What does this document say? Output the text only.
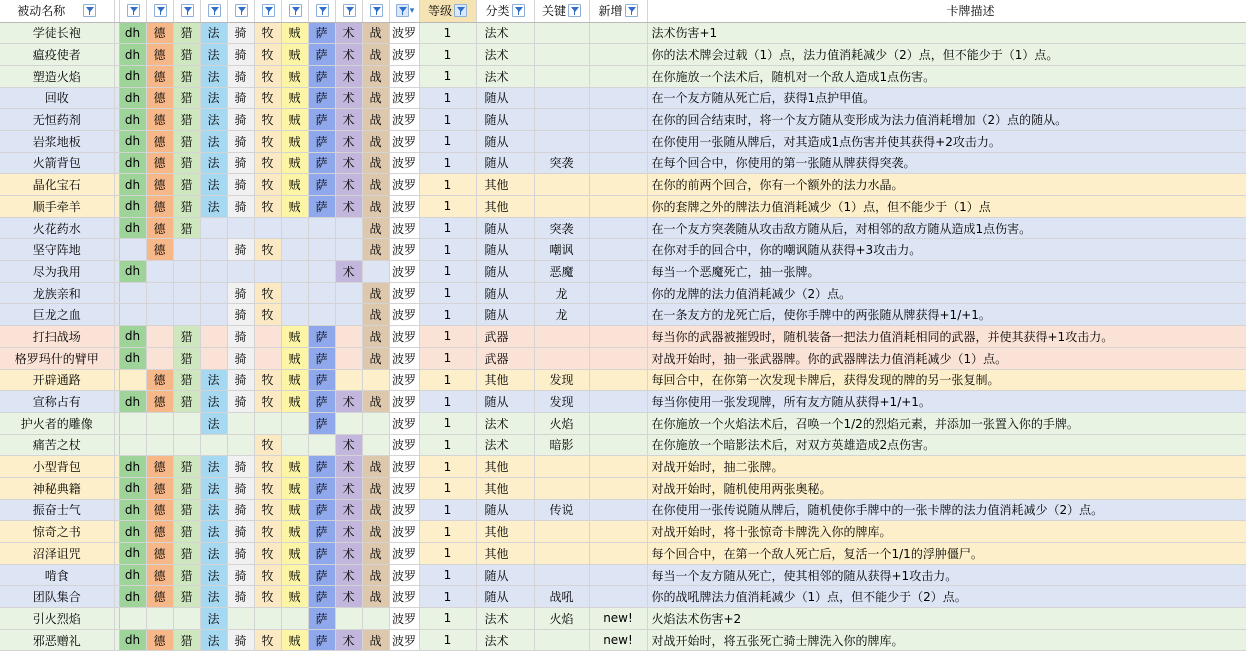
被动名称												▾	等级	分类	关键	新增	卡牌描述

学徒长袍		dh	德	猎	法	骑	牧	贼	萨	术	战	波罗	1	法术			法术伤害+1
瘟疫使者		dh	德	猎	法	骑	牧	贼	萨	术	战	波罗	1	法术			你的法术牌会过载（1）点，法力值消耗减少（2）点，但不能少于（1）点。
塑造火焰		dh	德	猎	法	骑	牧	贼	萨	术	战	波罗	1	法术			在你施放一个法术后，随机对一个敌人造成1点伤害。
回收		dh	德	猎	法	骑	牧	贼	萨	术	战	波罗	1	随从			在一个友方随从死亡后，获得1点护甲值。
无恒药剂		dh	德	猎	法	骑	牧	贼	萨	术	战	波罗	1	随从			在你的回合结束时，将一个友方随从变形成为法力值消耗增加（2）点的随从。
岩浆地板		dh	德	猎	法	骑	牧	贼	萨	术	战	波罗	1	随从			在你使用一张随从牌后，对其造成1点伤害并使其获得+2攻击力。
火箭背包		dh	德	猎	法	骑	牧	贼	萨	术	战	波罗	1	随从	突袭		在每个回合中，你使用的第一张随从牌获得突袭。
晶化宝石		dh	德	猎	法	骑	牧	贼	萨	术	战	波罗	1	其他			在你的前两个回合，你有一个额外的法力水晶。
顺手牵羊		dh	德	猎	法	骑	牧	贼	萨	术	战	波罗	1	其他			你的套牌之外的牌法力值消耗减少（1）点，但不能少于（1）点
火花药水		dh	德	猎							战	波罗	1	随从	突袭		在一个友方突袭随从攻击敌方随从后，对相邻的敌方随从造成1点伤害。
坚守阵地			德			骑	牧				战	波罗	1	随从	嘲讽		在你对手的回合中，你的嘲讽随从获得+3攻击力。
尽为我用		dh								术		波罗	1	随从	恶魔		每当一个恶魔死亡，抽一张牌。
龙族亲和						骑	牧				战	波罗	1	随从	龙		你的龙牌的法力值消耗减少（2）点。
巨龙之血						骑	牧				战	波罗	1	随从	龙		在一条友方的龙死亡后，使你手牌中的两张随从牌获得+1/+1。
打扫战场		dh		猎		骑		贼	萨		战	波罗	1	武器			每当你的武器被摧毁时，随机装备一把法力值消耗相同的武器，并使其获得+1攻击力。
格罗玛什的臂甲		dh		猎		骑		贼	萨		战	波罗	1	武器			对战开始时，抽一张武器牌。你的武器牌法力值消耗减少（1）点。
开辟通路			德	猎	法	骑	牧	贼	萨			波罗	1	其他	发现		每回合中，在你第一次发现卡牌后，获得发现的牌的另一张复制。
宣称占有		dh	德	猎	法	骑	牧	贼	萨	术	战	波罗	1	随从	发现		每当你使用一张发现牌，所有友方随从获得+1/+1。
护火者的雕像					法				萨			波罗	1	法术	火焰		在你施放一个火焰法术后，召唤一个1/2的烈焰元素，并添加一张置入你的手牌。
痛苦之杖							牧			术		波罗	1	法术	暗影		在你施放一个暗影法术后，对双方英雄造成2点伤害。
小型背包		dh	德	猎	法	骑	牧	贼	萨	术	战	波罗	1	其他			对战开始时，抽二张牌。
神秘典籍		dh	德	猎	法	骑	牧	贼	萨	术	战	波罗	1	其他			对战开始时，随机使用两张奥秘。
振奋士气		dh	德	猎	法	骑	牧	贼	萨	术	战	波罗	1	随从	传说		在你使用一张传说随从牌后，随机使你手牌中的一张卡牌的法力值消耗减少（2）点。
惊奇之书		dh	德	猎	法	骑	牧	贼	萨	术	战	波罗	1	其他			对战开始时，将十张惊奇卡牌洗入你的牌库。
沼泽诅咒		dh	德	猎	法	骑	牧	贼	萨	术	战	波罗	1	其他			每个回合中，在第一个敌人死亡后，复活一个1/1的浮肿僵尸。
啃食		dh	德	猎	法	骑	牧	贼	萨	术	战	波罗	1	随从			每当一个友方随从死亡，使其相邻的随从获得+1攻击力。
团队集合		dh	德	猎	法	骑	牧	贼	萨	术	战	波罗	1	随从	战吼		你的战吼牌法力值消耗减少（1）点，但不能少于（2）点。
引火烈焰					法				萨			波罗	1	法术	火焰	new!	火焰法术伤害+2
邪恶赠礼		dh	德	猎	法	骑	牧	贼	萨	术	战	波罗	1	法术		new!	对战开始时，将五张死亡骑士牌洗入你的牌库。
